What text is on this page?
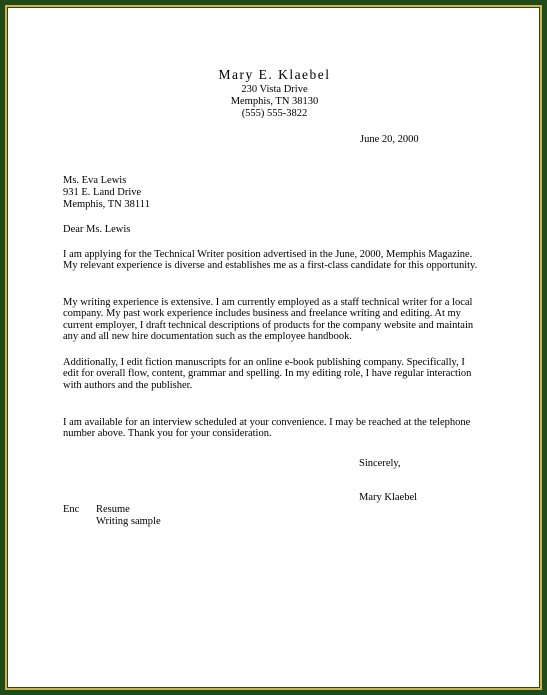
Mary E. Klaebel
230 Vista Drive
Memphis, TN 38130
(555) 555-3822
June 20, 2000
Ms. Eva Lewis
931 E. Land Drive
Memphis, TN 38111
Dear Ms. Lewis
I am applying for the Technical Writer position advertised in the June, 2000, Memphis Magazine. My relevant experience is diverse and establishes me as a first-class candidate for this opportunity.
My writing experience is extensive. I am currently employed as a staff technical writer for a local company. My past work experience includes business and freelance writing and editing. At my current employer, I draft technical descriptions of products for the company website and maintain any and all new hire documentation such as the employee handbook.
Additionally, I edit fiction manuscripts for an online e-book publishing company. Specifically, I edit for overall flow, content, grammar and spelling. In my editing role, I have regular interaction with authors and the publisher.
I am available for an interview scheduled at your convenience. I may be reached at the telephone number above. Thank you for your consideration.
Sincerely,
Mary Klaebel
Enc Resume
Writing sample
